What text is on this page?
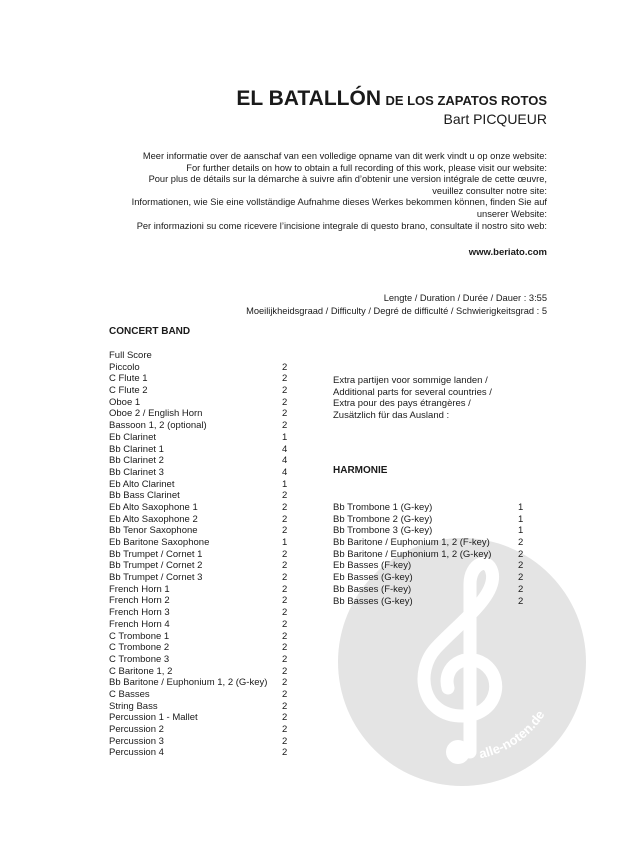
alle-noten.de
EL BATALLÓN DE LOS ZAPATOS ROTOS
Bart PICQUEUR
Meer informatie over de aanschaf van een volledige opname van dit werk vindt u op onze website:
For further details on how to obtain a full recording of this work, please visit our website:
Pour plus de détails sur la démarche à suivre afin d’obtenir une version intégrale de cette œuvre,
veuillez consulter notre site:
Informationen, wie Sie eine vollständige Aufnahme dieses Werkes bekommen können, finden Sie auf
unserer Website:
Per informazioni su come ricevere l’incisione integrale di questo brano, consultate il nostro sito web:
www.beriato.com
Lengte / Duration / Durée / Dauer : 3:55
Moeilijkheidsgraad / Difficulty / Degré de difficulté / Schwierigkeitsgrad : 5
CONCERT BAND
Full Score
Piccolo	2
C Flute 1	2
C Flute 2	2
Oboe 1	2
Oboe 2 / English Horn	2
Bassoon 1, 2 (optional)	2
Eb Clarinet	1
Bb Clarinet 1	4
Bb Clarinet 2	4
Bb Clarinet 3	4
Eb Alto Clarinet	1
Bb Bass Clarinet	2
Eb Alto Saxophone 1	2
Eb Alto Saxophone 2	2
Bb Tenor Saxophone	2
Eb Baritone Saxophone	1
Bb Trumpet / Cornet 1	2
Bb Trumpet / Cornet 2	2
Bb Trumpet / Cornet 3	2
French Horn 1	2
French Horn 2	2
French Horn 3	2
French Horn 4	2
C Trombone 1	2
C Trombone 2	2
C Trombone 3	2
C Baritone 1, 2	2
Bb Baritone / Euphonium 1, 2 (G-key) 2
C Basses	2
String Bass	2
Percussion 1 - Mallet	2
Percussion 2	2
Percussion 3	2
Percussion 4	2
Extra partijen voor sommige landen /
Additional parts for several countries /
Extra pour des pays étrangères /
Zusätzlich für das Ausland :
HARMONIE
Bb Trombone 1 (G-key)	1
Bb Trombone 2 (G-key)	1
Bb Trombone 3 (G-key)	1
Bb Baritone / Euphonium 1, 2 (F-key)	2
Bb Baritone / Euphonium 1, 2 (G-key)	2
Eb Basses (F-key)	2
Eb Basses (G-key)	2
Bb Basses (F-key)	2
Bb Basses (G-key)	2
